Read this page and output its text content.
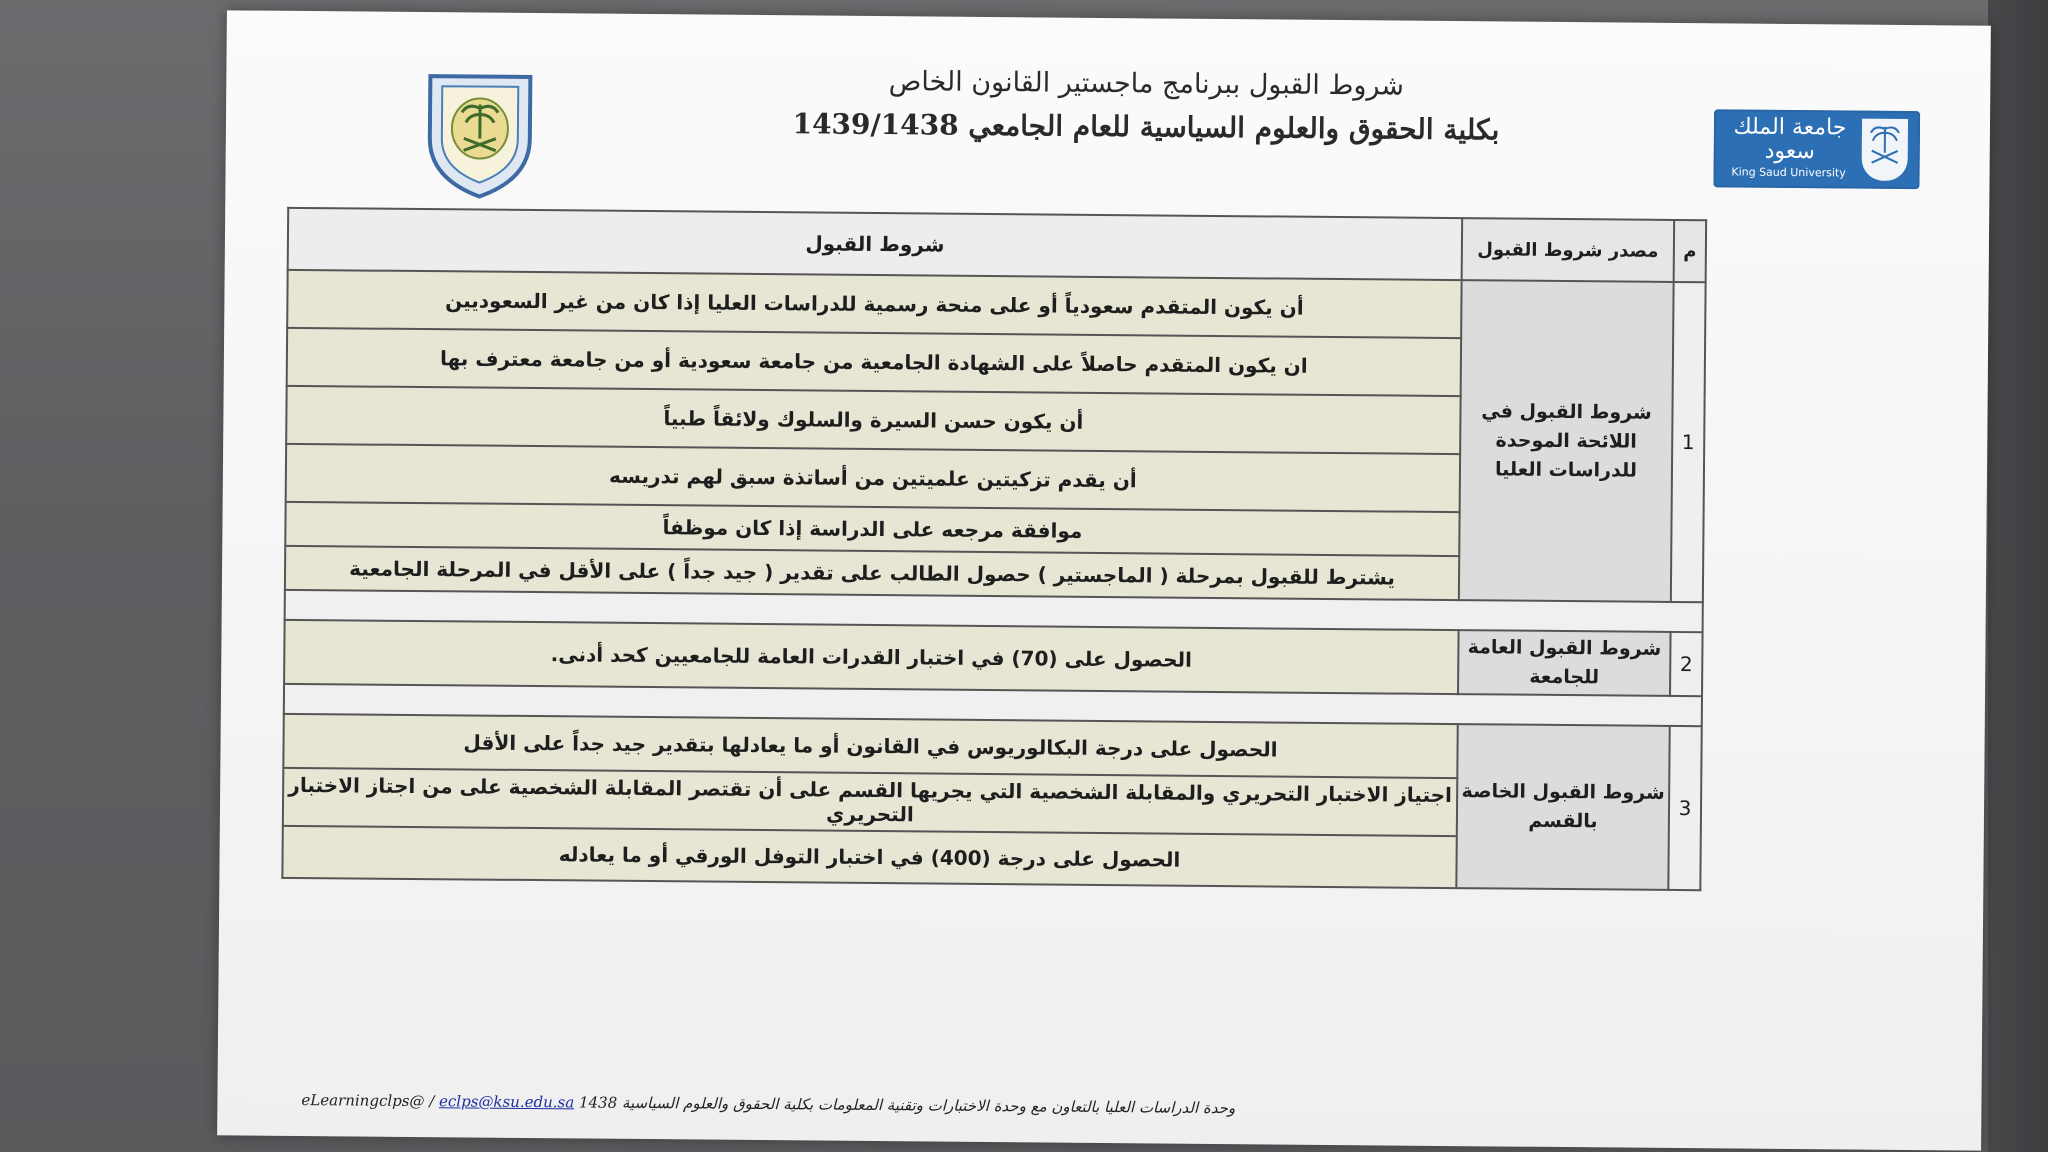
شروط القبول ببرنامج ماجستير القانون الخاص
بكلية الحقوق والعلوم السياسية للعام الجامعي 1439/1438	جامعة الملك سعود
King Saud University
م	مصدر شروط القبول	شروط القبول
1	شروط القبول في اللائحة الموحدة للدراسات العليا	أن يكون المتقدم سعودياً أو على منحة رسمية للدراسات العليا إذا كان من غير السعوديين
		ان يكون المتقدم حاصلاً على الشهادة الجامعية من جامعة سعودية أو من جامعة معترف بها
		أن يكون حسن السيرة والسلوك ولائقاً طبياً
		أن يقدم تزكيتين علميتين من أساتذة سبق لهم تدريسه
		موافقة مرجعه على الدراسة إذا كان موظفاً
		يشترط للقبول بمرحلة ( الماجستير ) حصول الطالب على تقدير ( جيد جداً ) على الأقل في المرحلة الجامعية

2	شروط القبول العامة للجامعة	الحصول على (70) في اختبار القدرات العامة للجامعيين كحد أدنى.

3	شروط القبول الخاصة بالقسم	الحصول على درجة البكالوريوس في القانون أو ما يعادلها بتقدير جيد جداً على الأقل
		اجتياز الاختبار التحريري والمقابلة الشخصية التي يجريها القسم على أن تقتصر المقابلة الشخصية على من اجتاز الاختبار التحريري
		الحصول على درجة (400) في اختبار التوفل الورقي أو ما يعادله
eLearningclps@ / eclps@ksu.edu.sa 1438 وحدة الدراسات العليا بالتعاون مع وحدة الاختبارات وتقنية المعلومات بكلية الحقوق والعلوم السياسية
